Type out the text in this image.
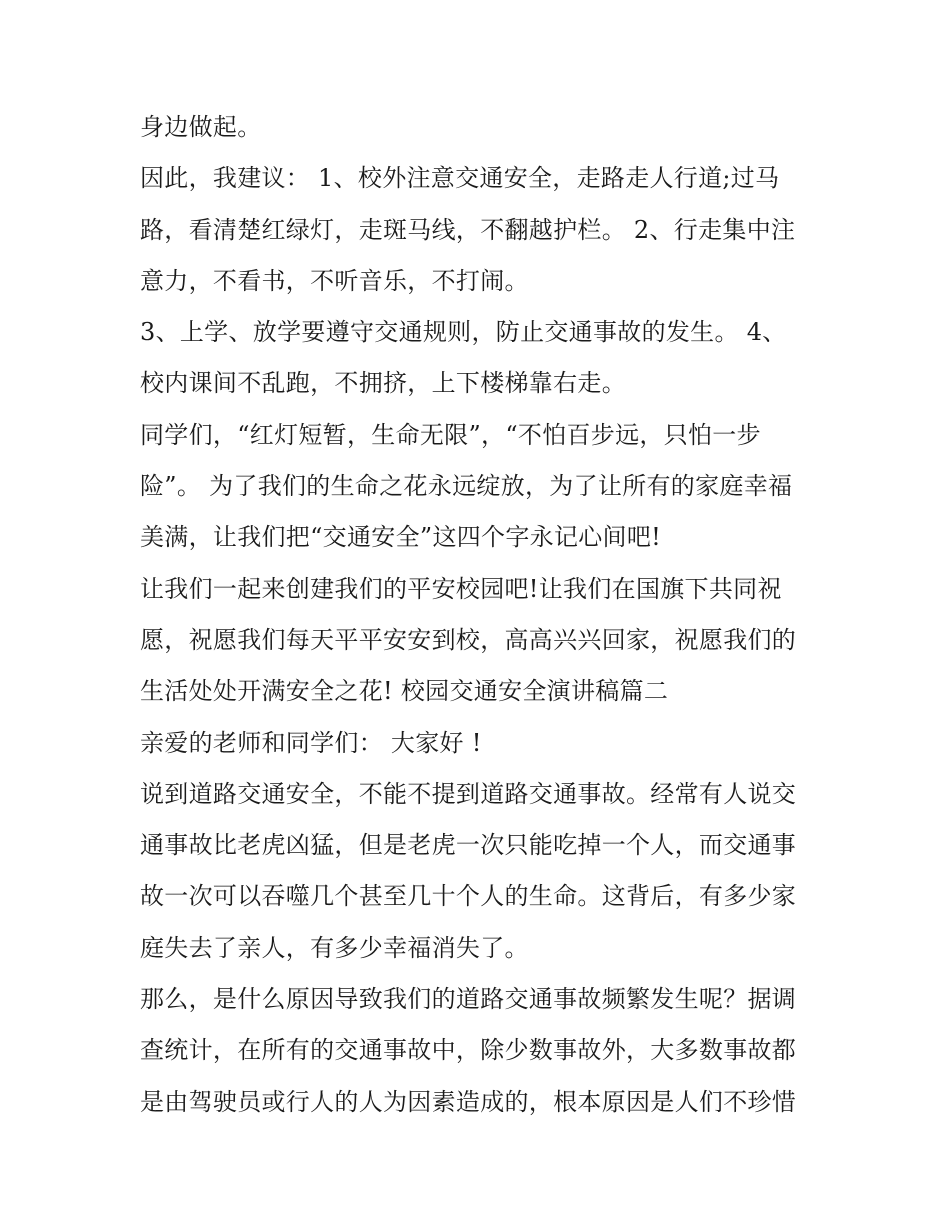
身边做起。
因此，我建议： 1、校外注意交通安全，走路走人行道;过马
路，看清楚红绿灯，走斑马线，不翻越护栏。 2、行走集中注
意力，不看书，不听音乐，不打闹。
3、上学、放学要遵守交通规则，防止交通事故的发生。 4、
校内课间不乱跑，不拥挤，上下楼梯靠右走。
同学们，“红灯短暂，生命无限”，“不怕百步远，只怕一步
险”。 为了我们的生命之花永远绽放，为了让所有的家庭幸福
美满，让我们把“交通安全”这四个字永记心间吧!
让我们一起来创建我们的平安校园吧!让我们在国旗下共同祝
愿，祝愿我们每天平平安安到校，高高兴兴回家，祝愿我们的
生活处处开满安全之花! 校园交通安全演讲稿篇二
亲爱的老师和同学们： 大家好 !
说到道路交通安全，不能不提到道路交通事故。经常有人说交
通事故比老虎凶猛，但是老虎一次只能吃掉一个人，而交通事
故一次可以吞噬几个甚至几十个人的生命。这背后，有多少家
庭失去了亲人，有多少幸福消失了。
那么，是什么原因导致我们的道路交通事故频繁发生呢？据调
查统计，在所有的交通事故中，除少数事故外，大多数事故都
是由驾驶员或行人的人为因素造成的，根本原因是人们不珍惜
